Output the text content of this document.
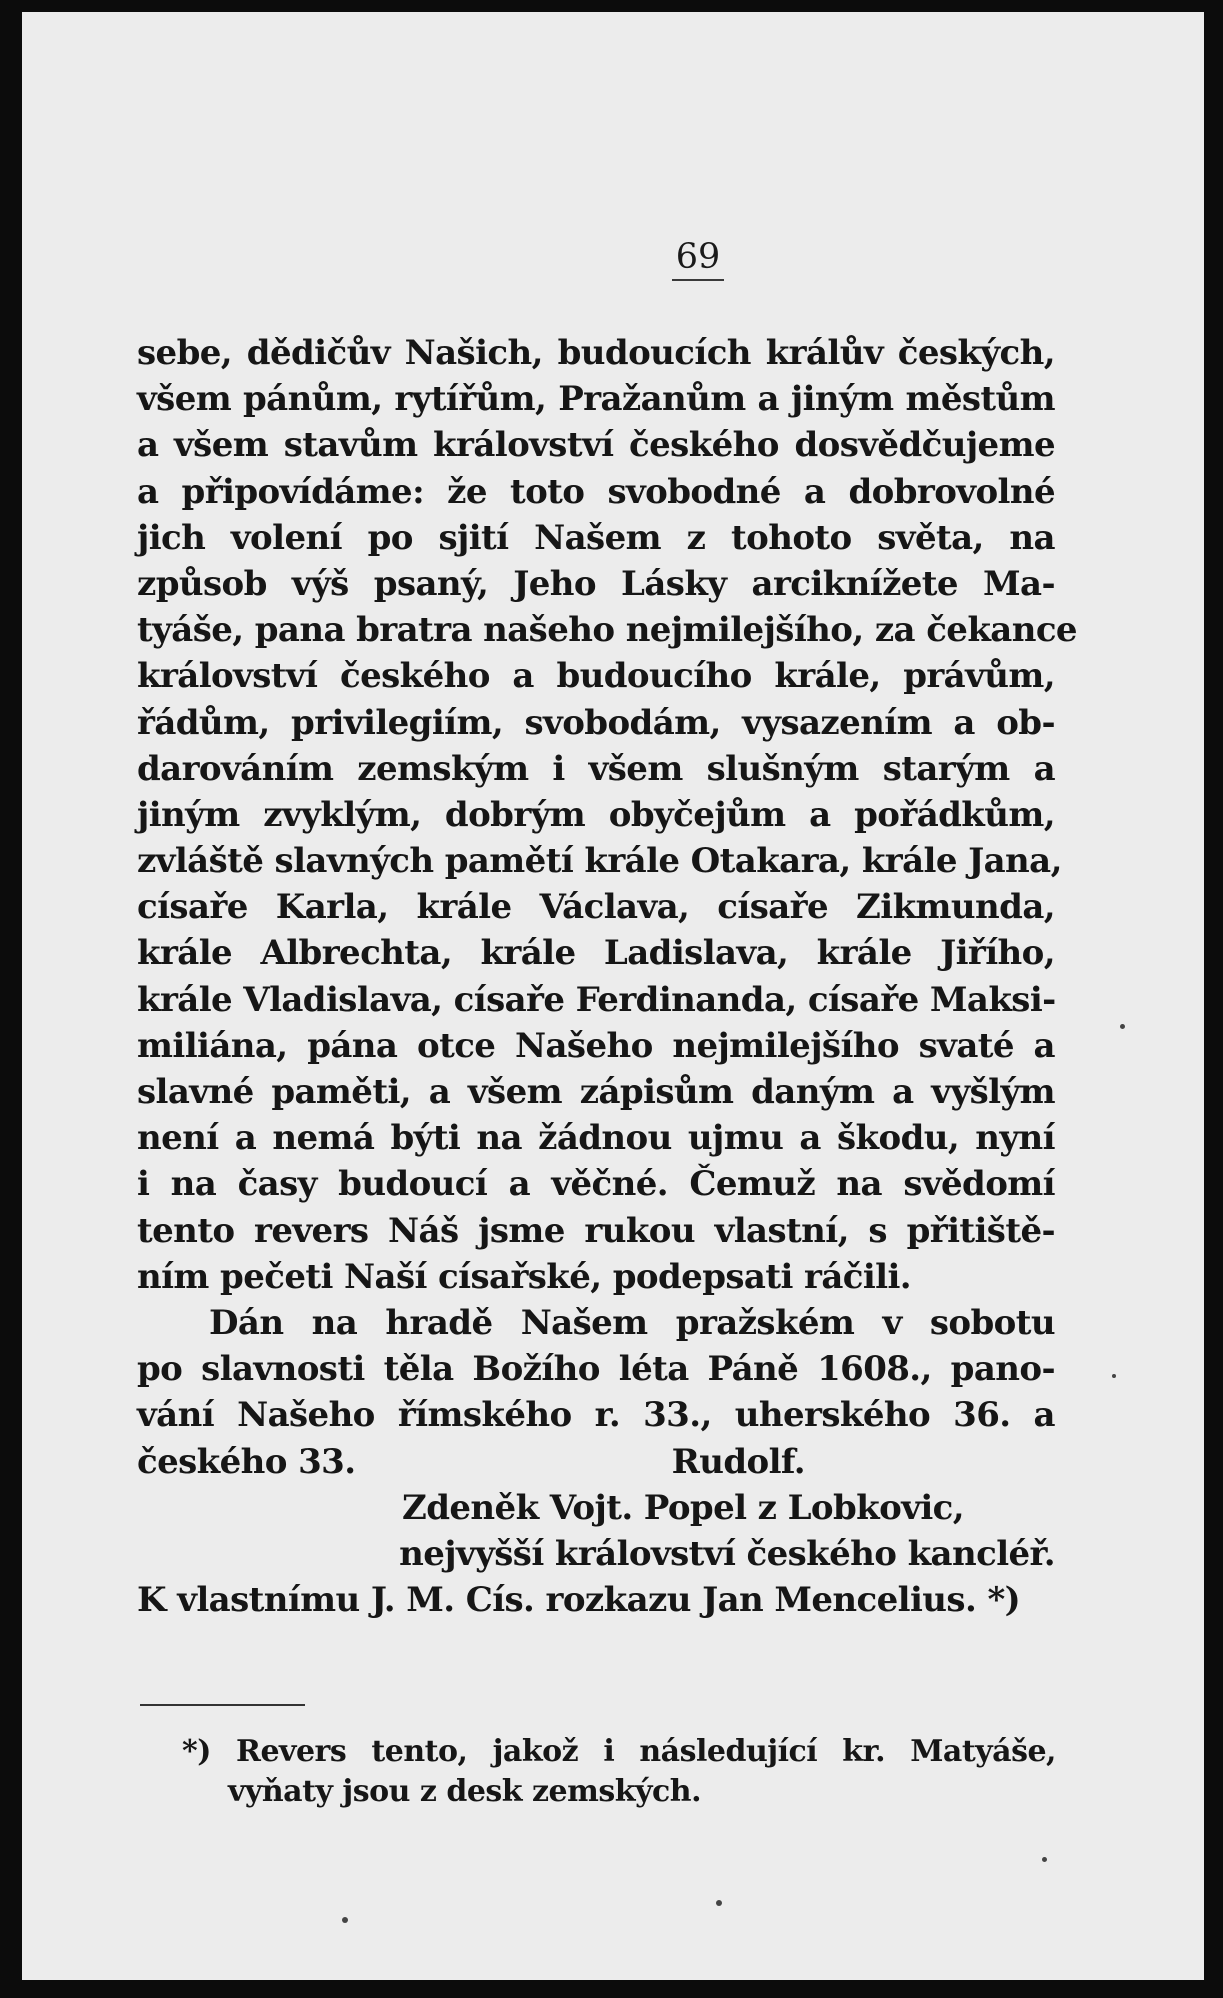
69
sebe, dědičův Našich, budoucích králův českých,
všem pánům, rytířům, Pražanům a jiným městům
a všem stavům království českého dosvědčujeme
a připovídáme: že toto svobodné a dobrovolné
jich volení po sjití Našem z tohoto světa, na
způsob výš psaný, Jeho Lásky arciknížete Ma-
tyáše, pana bratra našeho nejmilejšího, za čekance
království českého a budoucího krále, právům,
řádům, privilegiím, svobodám, vysazením a ob-
darováním zemským i všem slušným starým a
jiným zvyklým, dobrým obyčejům a pořádkům,
zvláště slavných pamětí krále Otakara, krále Jana,
císaře Karla, krále Václava, císaře Zikmunda,
krále Albrechta, krále Ladislava, krále Jiřího,
krále Vladislava, císaře Ferdinanda, císaře Maksi-
miliána, pána otce Našeho nejmilejšího svaté a
slavné paměti, a všem zápisům daným a vyšlým
není a nemá býti na žádnou ujmu a škodu, nyní
i na časy budoucí a věčné. Čemuž na svědomí
tento revers Náš jsme rukou vlastní, s přitiště-
ním pečeti Naší císařské, podepsati ráčili.
Dán na hradě Našem pražském v sobotu
po slavnosti těla Božího léta Páně 1608., pano-
vání Našeho římského r. 33., uherského 36. a
českého 33.	Rudolf.
Zdeněk Vojt. Popel z Lobkovic,
nejvyšší království českého kancléř.
K vlastnímu J. M. Cís. rozkazu Jan Mencelius. *)
*) Revers tento, jakož i následující kr. Matyáše,
vyňaty jsou z desk zemských.
